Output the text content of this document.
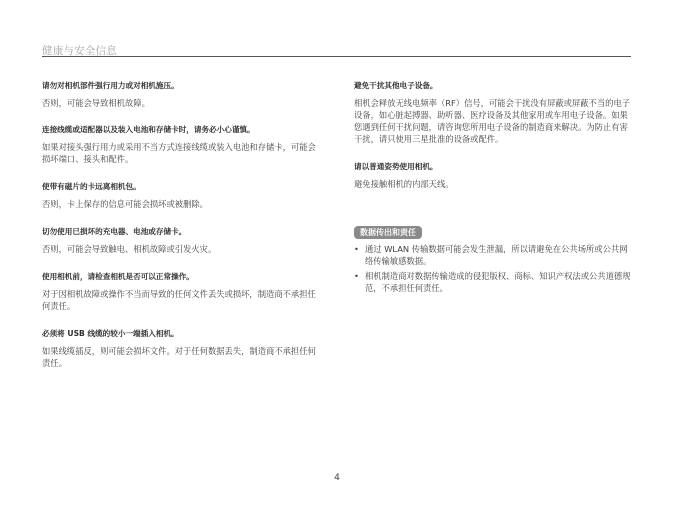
健康与安全信息

请勿对相机部件强行用力或对相机施压。

否则，可能会导致相机故障。

连接线缆或适配器以及装入电池和存储卡时，请务必小心谨慎。

如果对接头强行用力或采用不当方式连接线缆或装入电池和存储卡，可能会损坏端口、接头和配件。

使带有磁片的卡远离相机包。

否则，卡上保存的信息可能会损坏或被删除。

切勿使用已损坏的充电器、电池或存储卡。

否则，可能会导致触电、相机故障或引发火灾。

使用相机前，请检查相机是否可以正常操作。

对于因相机故障或操作不当而导致的任何文件丢失或损坏，制造商不承担任何责任。

必须将 USB 线缆的较小一端插入相机。

如果线缆插反，则可能会损坏文件。对于任何数据丢失，制造商不承担任何责任。

避免干扰其他电子设备。

相机会释放无线电频率（RF）信号，可能会干扰没有屏蔽或屏蔽不当的电子设备，如心脏起搏器、助听器、医疗设备及其他家用或车用电子设备。如果您遇到任何干扰问题，请咨询您所用电子设备的制造商来解决。为防止有害干扰，请只使用三星批准的设备或配件。

请以普通姿势使用相机。

避免接触相机的内部天线。

数据传出和责任
• 通过 WLAN 传输数据可能会发生泄漏，所以请避免在公共场所或公共网络传输敏感数据。
• 相机制造商对数据传输造成的侵犯版权、商标、知识产权法或公共道德规范，不承担任何责任。
4
